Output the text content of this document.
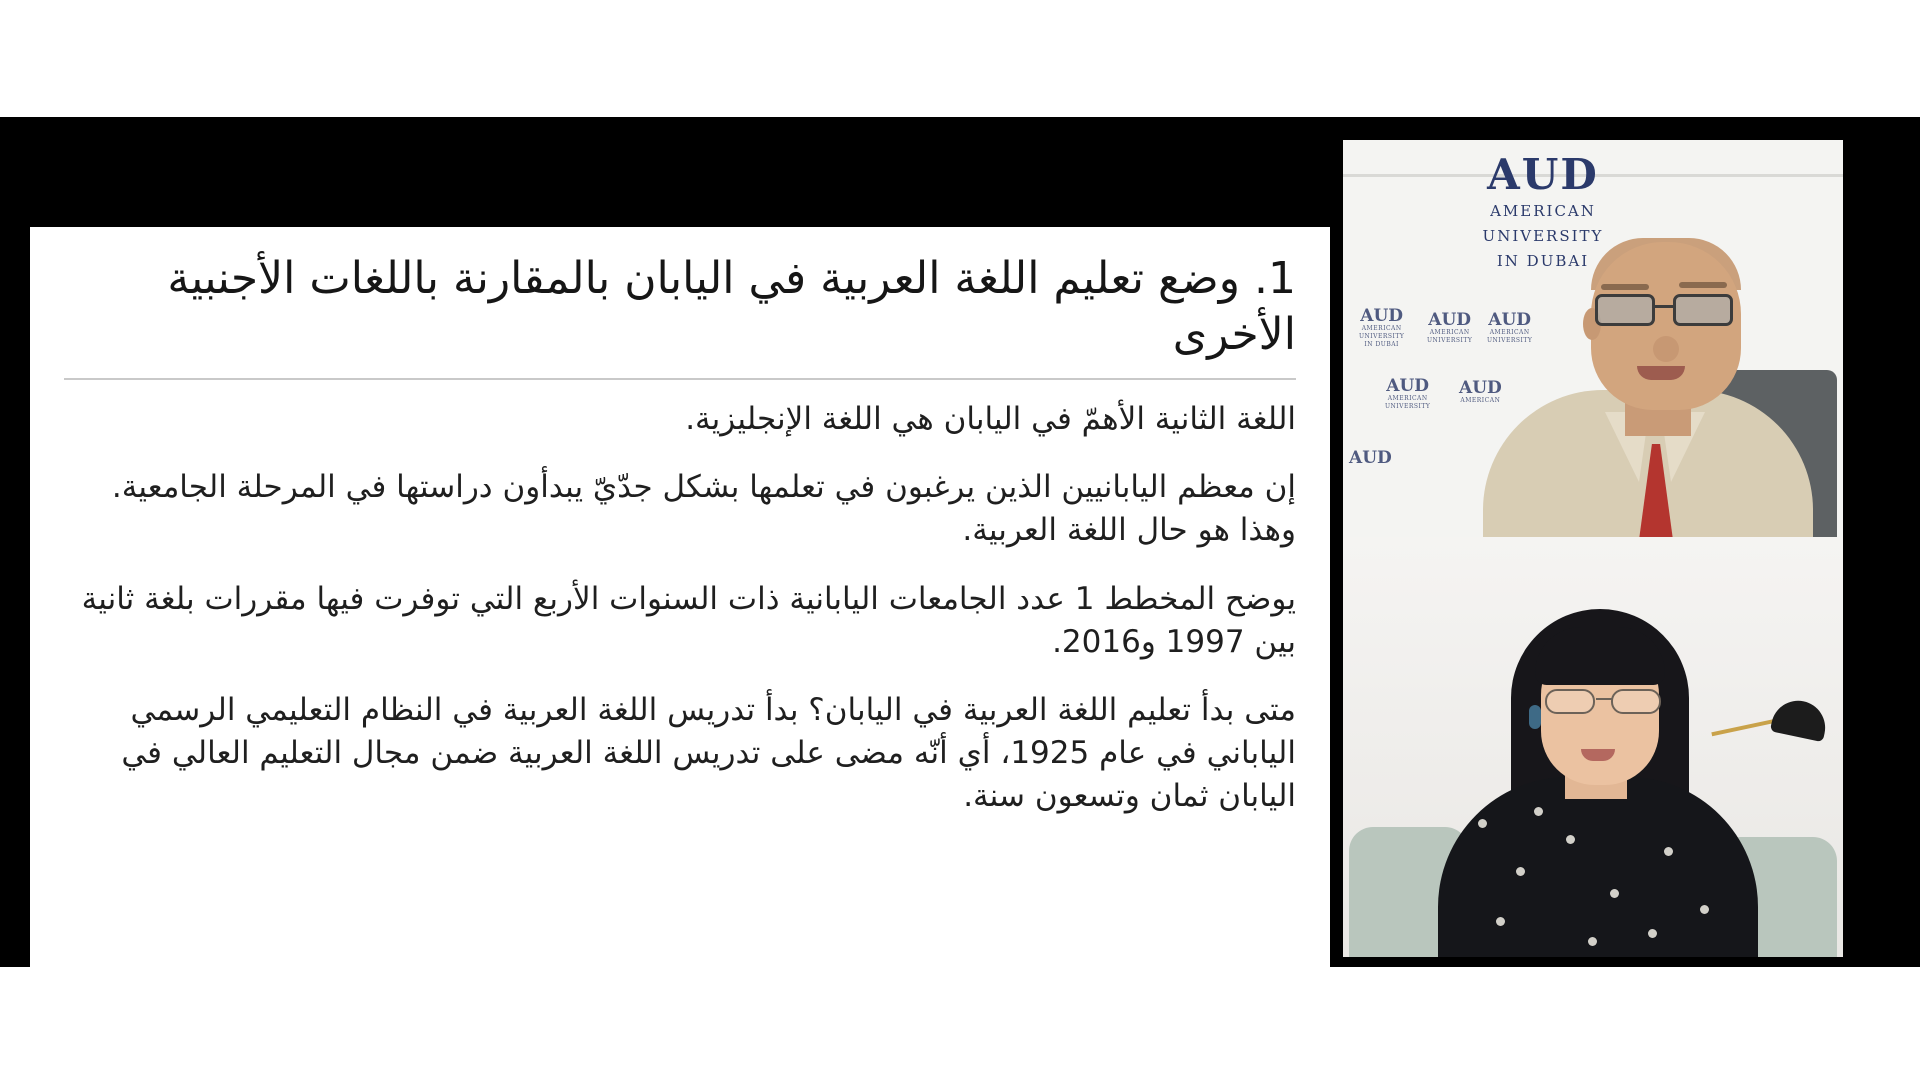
1. وضع تعليم اللغة العربية في اليابان بالمقارنة باللغات الأجنبية الأخرى
اللغة الثانية الأهمّ في اليابان هي اللغة الإنجليزية.
إن معظم اليابانيين الذين يرغبون في تعلمها بشكل جدّيّ يبدأون دراستها في المرحلة الجامعية. وهذا هو حال اللغة العربية.
يوضح المخطط 1 عدد الجامعات اليابانية ذات السنوات الأربع التي توفرت فيها مقررات بلغة ثانية بين 1997 و2016.
متى بدأ تعليم اللغة العربية في اليابان؟ بدأ تدريس اللغة العربية في النظام التعليمي الرسمي الياباني في عام 1925، أي أنّه مضى على تدريس اللغة العربية ضمن مجال التعليم العالي في اليابان ثمان وتسعون سنة.
AUD
AMERICAN
UNIVERSITY
IN DUBAI
AUD
AMERICAN
UNIVERSITY
IN DUBAI
AUD
AMERICAN
UNIVERSITY
AUD
AMERICAN
UNIVERSITY
AUD
AMERICAN
UNIVERSITY
AUD
AMERICAN
AUD
